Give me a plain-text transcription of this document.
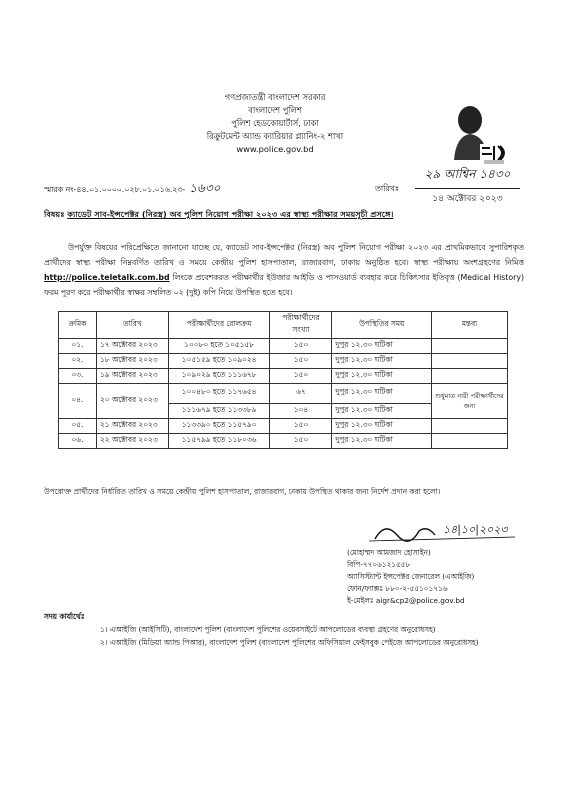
গণপ্রজাতন্ত্রী বাংলাদেশ সরকার
বাংলাদেশ পুলিশ
পুলিশ হেডকোয়ার্টার্স, ঢাকা
রিক্রুটমেন্ট অ্যান্ড ক্যারিয়ার প্ল্যানিং-২ শাখা
www.police.gov.bd
স্মারক নং-৪৪.০১.০০০০.০২৮.০১.০১৬.২৩- ১৬৩০	তারিখঃ
২৯ আশ্বিন ১৪৩০
১৪ অক্টোবর ২০২৩
বিষয়ঃ ক্যাডেট সাব-ইন্সপেক্টর (নিরস্ত্র) অব পুলিশ নিয়োগ পরীক্ষা ২০২৩ এর স্বাস্থ্য পরীক্ষার সময়সূচী প্রসঙ্গে।
উপর্যুক্ত বিষয়ের পরিপ্রেক্ষিতে জানানো যাচ্ছে যে, ক্যাডেট সাব-ইন্সপেক্টর (নিরস্ত্র) অব পুলিশ নিয়োগ পরীক্ষা ২০২৩ এর প্রাথমিকভাবে সুপারিশকৃত প্রার্থীদের স্বাস্থ্য পরীক্ষা নিম্নবর্ণিত তারিখ ও সময়ে কেন্দ্রীয় পুলিশ হাসপাতাল, রাজারবাগ, ঢাকায় অনুষ্ঠিত হবে। স্বাস্থ্য পরীক্ষায় অংশগ্রহণের নিমিত্ত http://police.teletalk.com.bd লিংকে প্রবেশকরত পরীক্ষার্থীর ইউজার আইডি ও পাসওয়ার্ড ব্যবহার করে চিকিৎসার ইতিবৃত্ত (Medical History) ফরম পূরণ করে পরীক্ষার্থীর স্বাক্ষর সম্বলিত ০২ (দুই) কপি নিয়ে উপস্থিত হতে হবে।
ক্রমিক	তারিখ	পরীক্ষার্থীদের রোলক্রম	পরীক্ষার্থীদের সংখ্যা	উপস্থিতির সময়	মন্তব্য
০১.	১৭ অক্টোবর ২০২৩	১০০৮০ হতে ১০৫১৫৮	১৫০	দুপুর ১২.৩০ ঘটিকা	
০২.	১৮ অক্টোবর ২০২৩	১০৫১৫৯ হতে ১০৯০২৪	১৫০	দুপুর ১২.৩০ ঘটিকা	
০৩.	১৯ অক্টোবর ২০২৩	১০৯০২৯ হতে ১১১৬৭৮	১৫০	দুপুর ১২.৩০ ঘটিকা	
০৪.	২০ অক্টোবর ২০২৩	১০০৪৮০ হতে ১১৭৬৫৪	৬৭	দুপুর ১২.৩০ ঘটিকা	শুধুমাত্র নারী পরীক্ষার্থীদের জন্য
		১১১৬৭৯ হতে ১১৩৩৮৯	১০৪	দুপুর ১২.৩০ ঘটিকা	
০৫.	২১ অক্টোবর ২০২৩	১১৩৩৯০ হতে ১১৫৭৯০	১৫০	দুপুর ১২.৩০ ঘটিকা	
০৬.	২২ অক্টোবর ২০২৩	১১৫৭৯৯ হতে ১১৮০৩৬	১৫০	দুপুর ১২.৩০ ঘটিকা	
উপরোক্ত প্রার্থীদের নির্ধারিত তারিখ ও সময়ে কেন্দ্রীয় পুলিশ হাসপাতাল, রাজারবাগ, ঢাকায় উপস্থিত থাকার জন্য নির্দেশ প্রদান করা হলো।
১৪|১০|২০২৩
(মোহাম্মদ আমজাদ হোসাইন)
বিপি-৭৭০৬১২১৫৫৮
অ্যাসিস্ট্যান্ট ইন্সপেক্টর জেনারেল (এআইজি)
ফোন/ফ্যাক্সঃ ৮৮০-২-৫৫১০১৭১৬
ই-মেইলঃ aigr&cp2@police.gov.bd
সদয় কার্যার্থেঃ
১। এআইজি (আইসিটি), বাংলাদেশ পুলিশ (বাংলাদেশ পুলিশের ওয়েবসাইটে আপলোডের ব্যবস্থা গ্রহণের অনুরোধসহ)
২। এআইজি (মিডিয়া অ্যান্ড পিআর), বাংলাদেশ পুলিশ (বাংলাদেশ পুলিশের অফিসিয়াল ফেইসবুক পেইজে আপলোডের অনুরোধসহ)
